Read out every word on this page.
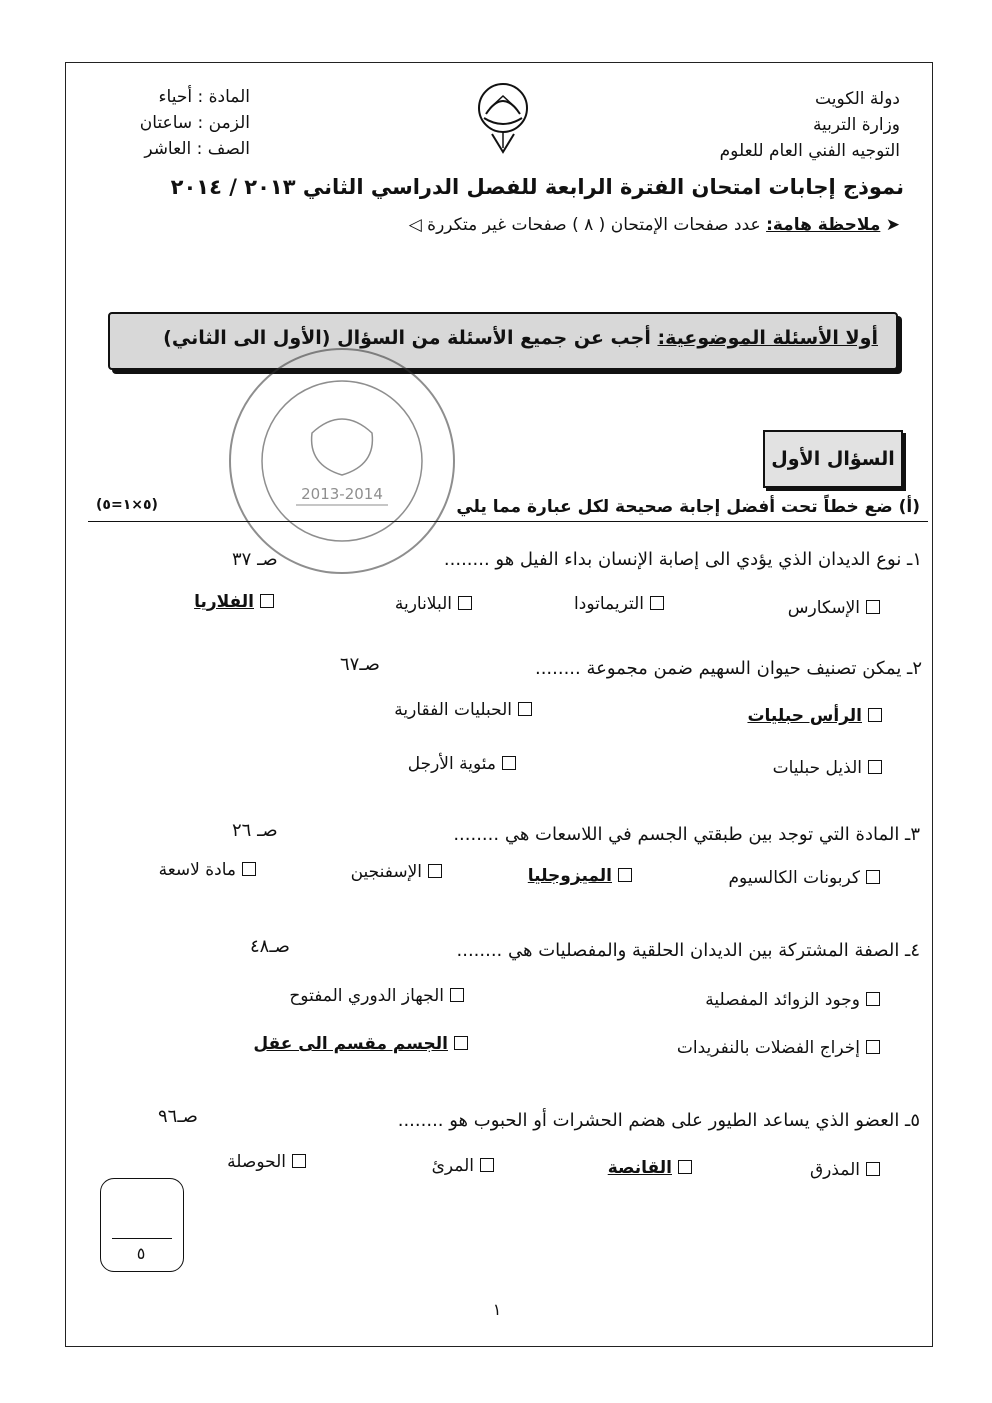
دولة الكويت
وزارة التربية
التوجيه الفني العام للعلوم
المادة : أحياء
الزمن : ساعتان
الصف : العاشر
نموذج إجابات امتحان الفترة الرابعة للفصل الدراسي الثاني ٢٠١٣ / ٢٠١٤
➤ ملاحظة هامة: عدد صفحات الإمتحان ( ٨ ) صفحات غير متكررة ◁
أولا الأسئلة الموضوعية: أجب عن جميع الأسئلة من السؤال (الأول الى الثاني)
2013-2014
السؤال الأول
(أ) ضع خطاً تحت أفضل إجابة صحيحة لكل عبارة مما يلي
(٥×١=٥)
١ـ نوع الديدان الذي يؤدي الى إصابة الإنسان بداء الفيل هو ........
صـ ٣٧
الإسكارس
التريماتودا
البلانارية
الفلاريا
٢ـ يمكن تصنيف حيوان السهيم ضمن مجموعة ........
صـ٦٧
الرأس حبليات
الحبليات الفقارية
الذيل حبليات
مئوية الأرجل
٣ـ المادة التي توجد بين طبقتي الجسم في اللاسعات هي ........
صـ ٢٦
كربونات الكالسيوم
الميزوجليا
الإسفنجين
مادة لاسعة
٤ـ الصفة المشتركة بين الديدان الحلقية والمفصليات هي ........
صـ٤٨
وجود الزوائد المفصلية
الجهاز الدوري المفتوح
إخراج الفضلات بالنفريدات
الجسم مقسم الى عقل
٥ـ العضو الذي يساعد الطيور على هضم الحشرات أو الحبوب هو ........
صـ٩٦
المذرق
القانصة
المرئ
الحوصلة
٥
١
